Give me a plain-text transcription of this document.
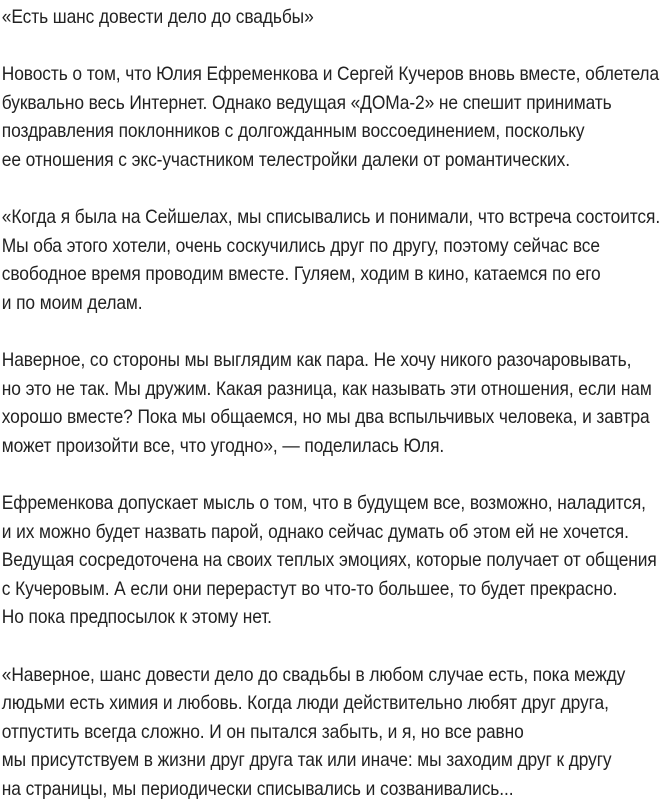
«Есть шанс довести дело до свадьбы»

Новость о том, что Юлия Ефременкова и Сергей Кучеров вновь вместе, облетела
буквально весь Интернет. Однако ведущая «ДОМа-2» не спешит принимать
поздравления поклонников с долгожданным воссоединением, поскольку
ее отношения с экс-участником телестройки далеки от романтических.

«Когда я была на Сейшелах, мы списывались и понимали, что встреча состоится.
Мы оба этого хотели, очень соскучились друг по другу, поэтому сейчас все
свободное время проводим вместе. Гуляем, ходим в кино, катаемся по его
и по моим делам.

Наверное, со стороны мы выглядим как пара. Не хочу никого разочаровывать,
но это не так. Мы дружим. Какая разница, как называть эти отношения, если нам
хорошо вместе? Пока мы общаемся, но мы два вспыльчивых человека, и завтра
может произойти все, что угодно», — поделилась Юля.

Ефременкова допускает мысль о том, что в будущем все, возможно, наладится,
и их можно будет назвать парой, однако сейчас думать об этом ей не хочется.
Ведущая сосредоточена на своих теплых эмоциях, которые получает от общения
с Кучеровым. А если они перерастут во что-то большее, то будет прекрасно.
Но пока предпосылок к этому нет.

«Наверное, шанс довести дело до свадьбы в любом случае есть, пока между
людьми есть химия и любовь. Когда люди действительно любят друг друга,
отпустить всегда сложно. И он пытался забыть, и я, но все равно
мы присутствуем в жизни друг друга так или иначе: мы заходим друг к другу
на страницы, мы периодически списывались и созванивались...
